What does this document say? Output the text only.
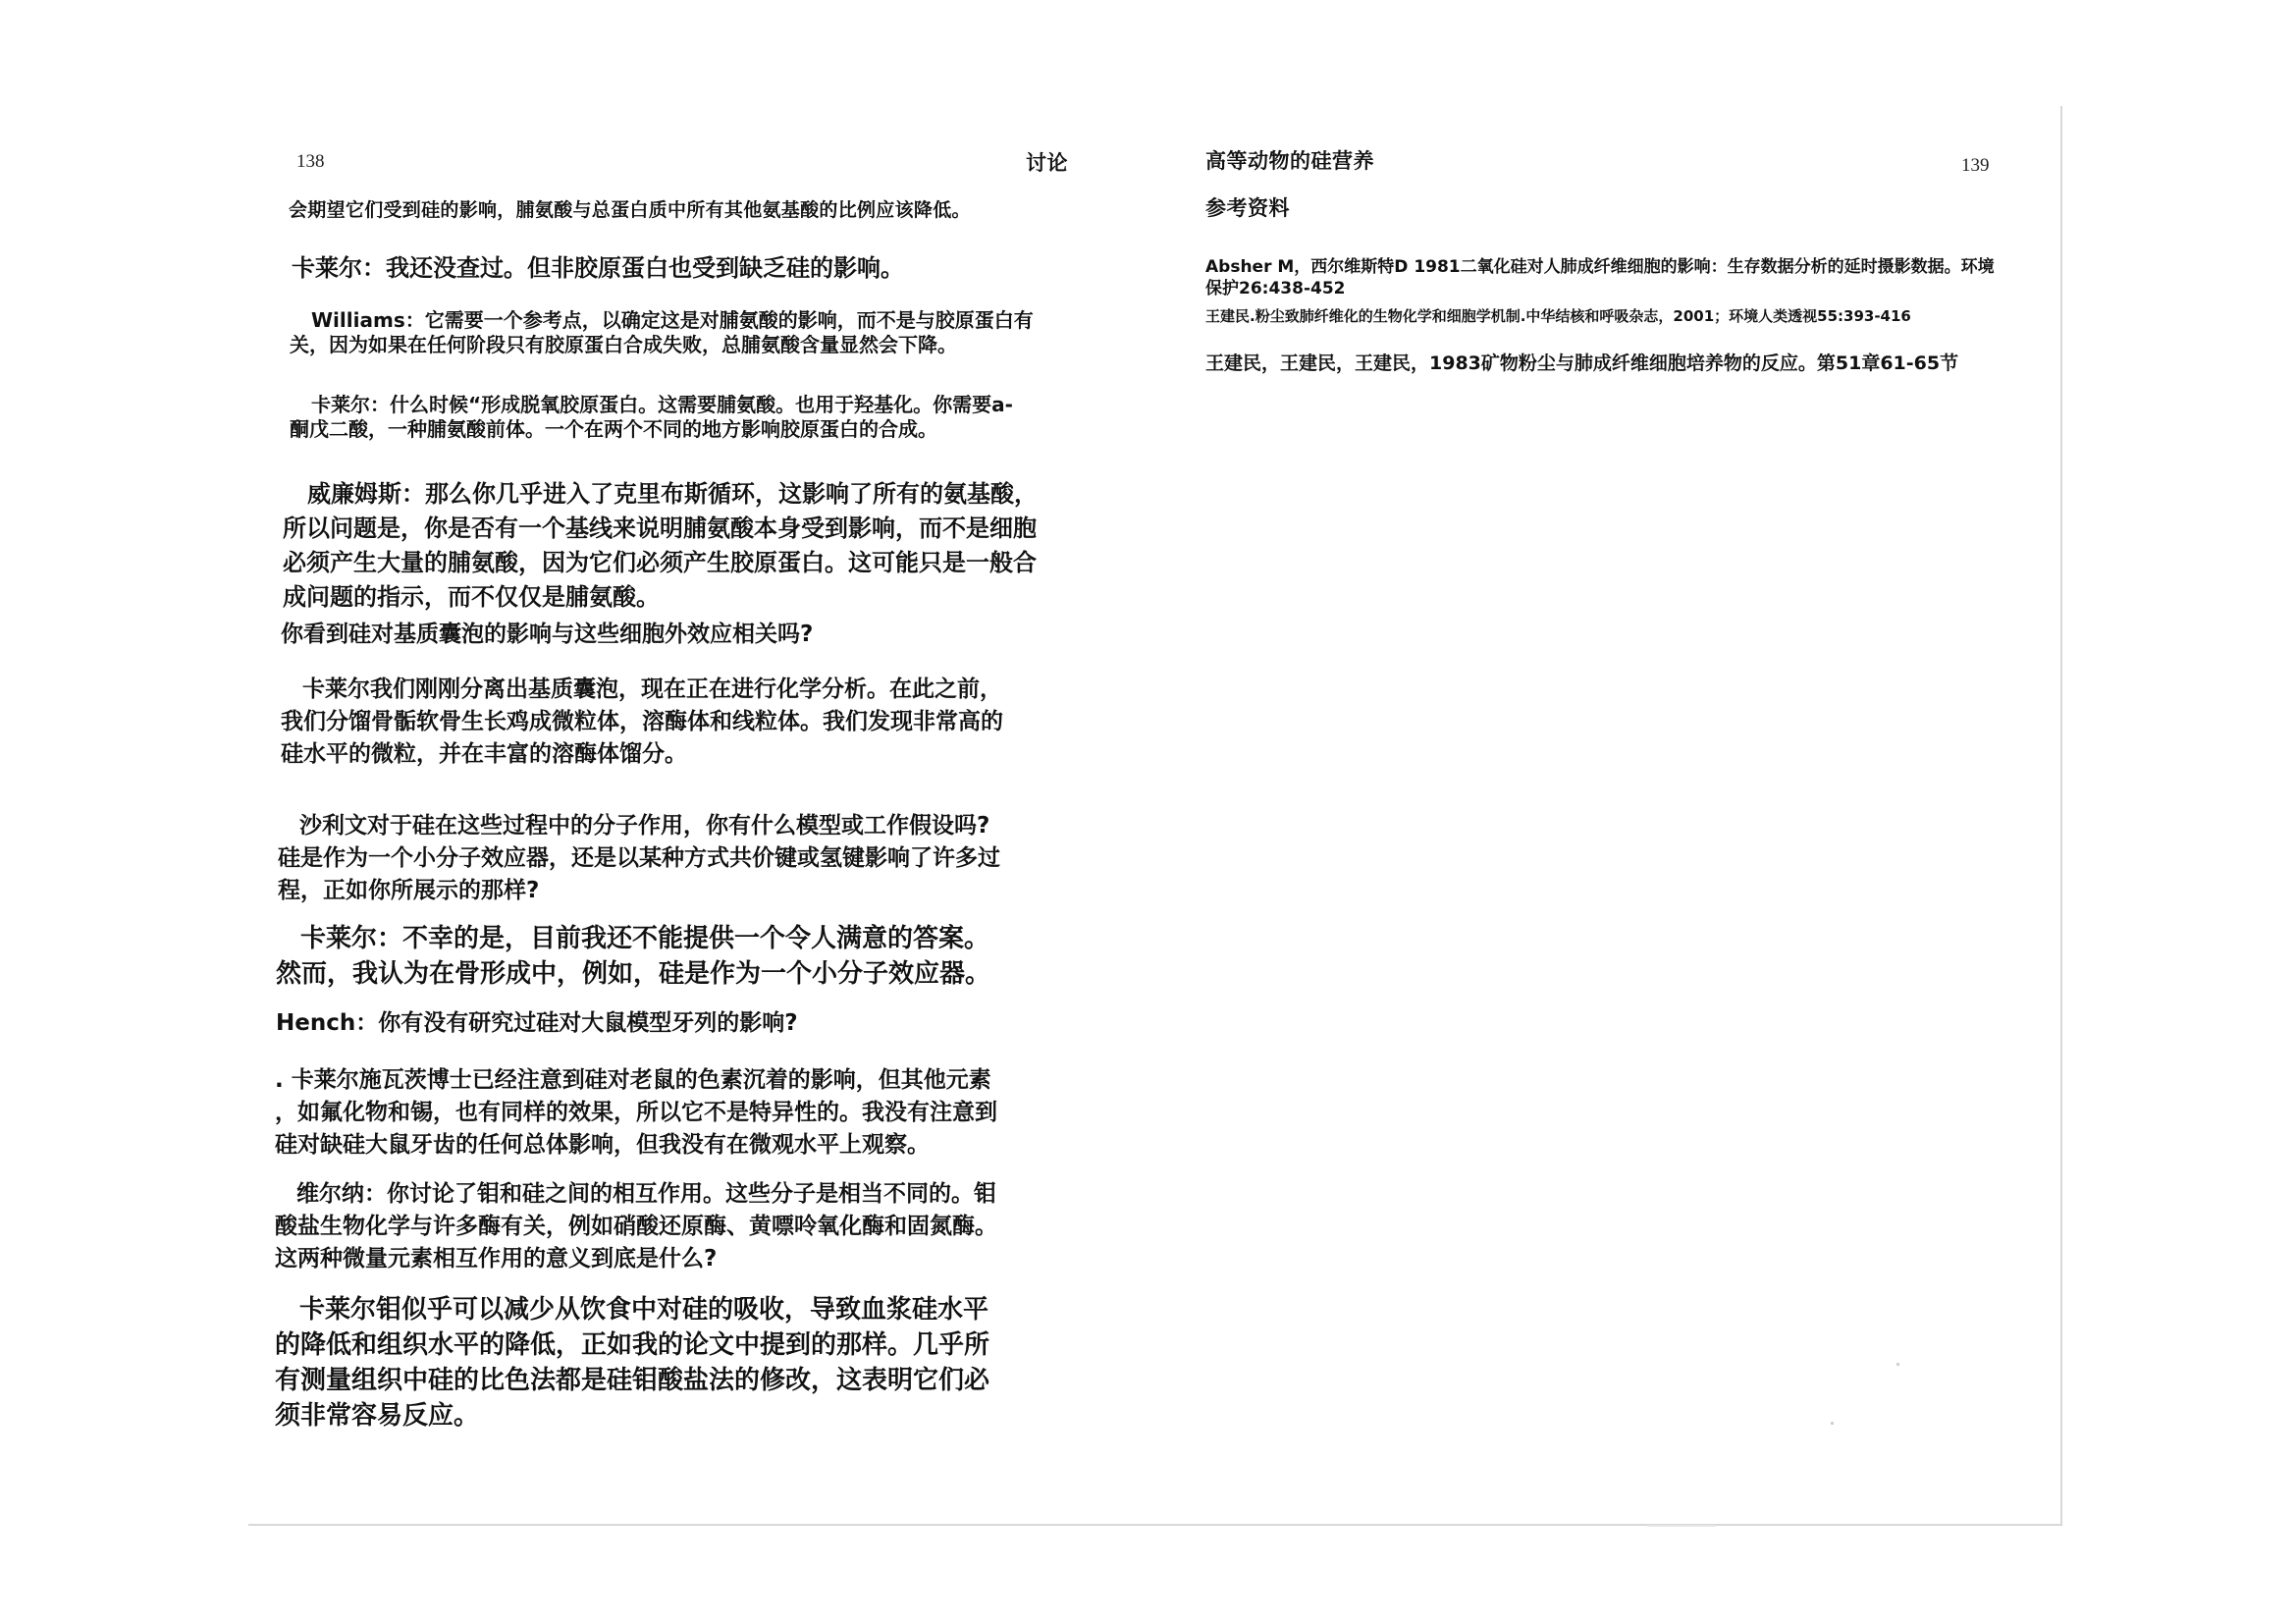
138	讨论
会期望它们受到硅的影响，脯氨酸与总蛋白质中所有其他氨基酸的比例应该降低。
卡莱尔：我还没查过。但非胶原蛋白也受到缺乏硅的影响。
Williams：它需要一个参考点，以确定这是对脯氨酸的影响，而不是与胶原蛋白有
关，因为如果在任何阶段只有胶原蛋白合成失败，总脯氨酸含量显然会下降。
卡莱尔：什么时候“形成脱氧胶原蛋白。这需要脯氨酸。也用于羟基化。你需要a-
酮戊二酸，一种脯氨酸前体。一个在两个不同的地方影响胶原蛋白的合成。
威廉姆斯：那么你几乎进入了克里布斯循环，这影响了所有的氨基酸，
所以问题是，你是否有一个基线来说明脯氨酸本身受到影响，而不是细胞
必须产生大量的脯氨酸，因为它们必须产生胶原蛋白。这可能只是一般合
成问题的指示，而不仅仅是脯氨酸。
你看到硅对基质囊泡的影响与这些细胞外效应相关吗?
卡莱尔我们刚刚分离出基质囊泡，现在正在进行化学分析。在此之前，
我们分馏骨骺软骨生长鸡成微粒体，溶酶体和线粒体。我们发现非常高的
硅水平的微粒，并在丰富的溶酶体馏分。
沙利文对于硅在这些过程中的分子作用，你有什么模型或工作假设吗?
硅是作为一个小分子效应器，还是以某种方式共价键或氢键影响了许多过
程，正如你所展示的那样?
卡莱尔：不幸的是，目前我还不能提供一个令人满意的答案。
然而，我认为在骨形成中，例如，硅是作为一个小分子效应器。
Hench：你有没有研究过硅对大鼠模型牙列的影响?
. 卡莱尔施瓦茨博士已经注意到硅对老鼠的色素沉着的影响，但其他元素
，如氟化物和锡，也有同样的效果，所以它不是特异性的。我没有注意到
硅对缺硅大鼠牙齿的任何总体影响，但我没有在微观水平上观察。
维尔纳：你讨论了钼和硅之间的相互作用。这些分子是相当不同的。钼
酸盐生物化学与许多酶有关，例如硝酸还原酶、黄嘌呤氧化酶和固氮酶。
这两种微量元素相互作用的意义到底是什么?
卡莱尔钼似乎可以减少从饮食中对硅的吸收，导致血浆硅水平
的降低和组织水平的降低，正如我的论文中提到的那样。几乎所
有测量组织中硅的比色法都是硅钼酸盐法的修改，这表明它们必
须非常容易反应。
高等动物的硅营养	139
参考资料
Absher M，西尔维斯特D 1981二氧化硅对人肺成纤维细胞的影响：生存数据分析的延时摄影数据。环境
保护26:438-452
王建民.粉尘致肺纤维化的生物化学和细胞学机制.中华结核和呼吸杂志，2001；环境人类透视55:393-416
王建民，王建民，王建民，1983矿物粉尘与肺成纤维细胞培养物的反应。第51章61-65节
